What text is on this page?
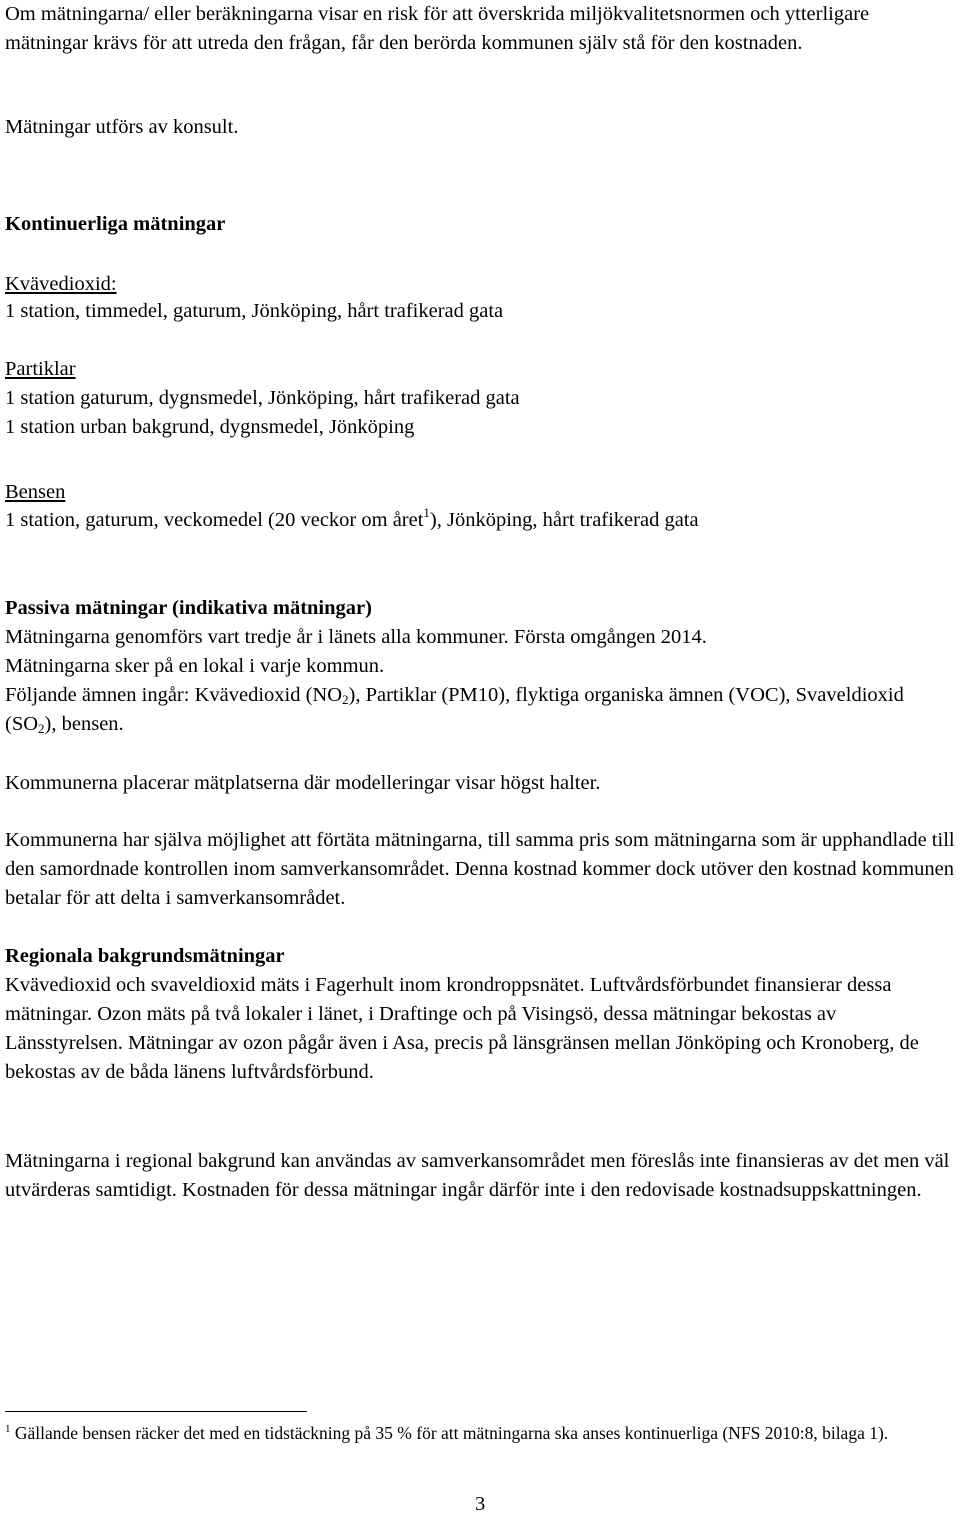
Om mätningarna/ eller beräkningarna visar en risk för att överskrida miljökvalitetsnormen och ytterligare mätningar krävs för att utreda den frågan, får den berörda kommunen själv stå för den kostnaden.

Mätningar utförs av konsult.

Kontinuerliga mätningar

Kvävedioxid:

1 station, timmedel, gaturum, Jönköping, hårt trafikerad gata

Partiklar

1 station gaturum, dygnsmedel, Jönköping, hårt trafikerad gata

1 station urban bakgrund, dygnsmedel, Jönköping

Bensen

1 station, gaturum, veckomedel (20 veckor om året$^1$), Jönköping, hårt trafikerad gata

Passiva mätningar (indikativa mätningar)

Mätningarna genomförs vart tredje år i länets alla kommuner. Första omgången 2014.

Mätningarna sker på en lokal i varje kommun.

Följande ämnen ingår: Kvävedioxid $(NO_2)$, Partiklar (PM10), flyktiga organiska ämnen (VOC), Svaveldioxid $(SO_2)$, bensen.

Kommunerna placerar mätplatserna där modelleringar visar högst halter.

Kommunerna har själva möjlighet att förtäta mätningarna, till samma pris som mätningarna som är upphandlade till den samordnade kontrollen inom samverkansområdet. Denna kostnad kommer dock utöver den kostnad kommunen betalar för att delta i samverkansområdet.

Regionala bakgrundsmätningar

Kvävedioxid och svaveldioxid mäts i Fagerhult inom krondroppsnätet. Luftvårdsförbundet finansierar dessa mätningar. Ozon mäts på två lokaler i länet, i Draftinge och på Visingsö, dessa mätningar bekostas av Länsstyrelsen. Mätningar av ozon pågår även i Asa, precis på länsgränsen mellan Jönköping och Kronoberg, de bekostas av de båda länens luftvårdsförbund.

Mätningarna i regional bakgrund kan användas av samverkansområdet men föreslås inte finansieras av det men väl utvärderas samtidigt. Kostnaden för dessa mätningar ingår därför inte i den redovisade kostnadsuppskattningen.

$^1$ Gällande bensen räcker det med en tidstäckning på 35 % för att mätningarna ska anses kontinuerliga (NFS 2010:8, bilaga 1).

3
